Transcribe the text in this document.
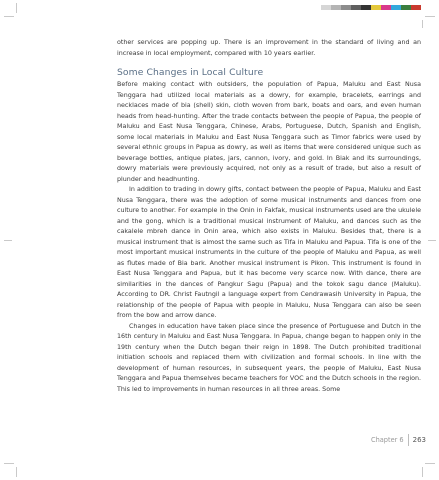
other services are popping up. There is an improvement in the standard of living and an increase in local employment, compared with 10 years earlier.

Some Changes in Local Culture

Before making contact with outsiders, the population of Papua, Maluku and East Nusa Tenggara had utilized local materials as a dowry, for example, bracelets, earrings and necklaces made of bia (shell) skin, cloth woven from bark, boats and oars, and even human heads from head-hunting. After the trade contacts between the people of Papua, the people of Maluku and East Nusa Tenggara, Chinese, Arabs, Portuguese, Dutch, Spanish and English, some local materials in Maluku and East Nusa Tenggara such as Timor fabrics were used by several ethnic groups in Papua as dowry, as well as items that were considered unique such as beverage bottles, antique plates, jars, cannon, ivory, and gold. In Biak and its surroundings, dowry materials were previously acquired, not only as a result of trade, but also a result of plunder and headhunting.

In addition to trading in dowry gifts, contact between the people of Papua, Maluku and East Nusa Tenggara, there was the adoption of some musical instruments and dances from one culture to another. For example in the Onin in Fakfak, musical instruments used are the ukulele and the gong, which is a traditional musical instrument of Maluku, and dances such as the cakalele mbreh dance in Onin area, which also exists in Maluku. Besides that, there is a musical instrument that is almost the same such as Tifa in Maluku and Papua. Tifa is one of the most important musical instruments in the culture of the people of Maluku and Papua, as well as flutes made of Bia bark. Another musical instrument is Pikon. This instrument is found in East Nusa Tenggara and Papua, but it has become very scarce now. With dance, there are similarities in the dances of Pangkur Sagu (Papua) and the tokok sagu dance (Maluku). According to DR. Christ Fautngil a language expert from Cendrawasih University in Papua, the relationship of the people of Papua with people in Maluku, Nusa Tenggara can also be seen from the bow and arrow dance.

Changes in education have taken place since the presence of Portuguese and Dutch in the 16th century in Maluku and East Nusa Tenggara. In Papua, change began to happen only in the 19th century when the Dutch began their reign in 1898. The Dutch prohibited traditional initiation schools and replaced them with civilization and formal schools. In line with the development of human resources, in subsequent years, the people of Maluku, East Nusa Tenggara and Papua themselves became teachers for VOC and the Dutch schools in the region. This led to improvements in human resources in all three areas. Some

Chapter 6 263
